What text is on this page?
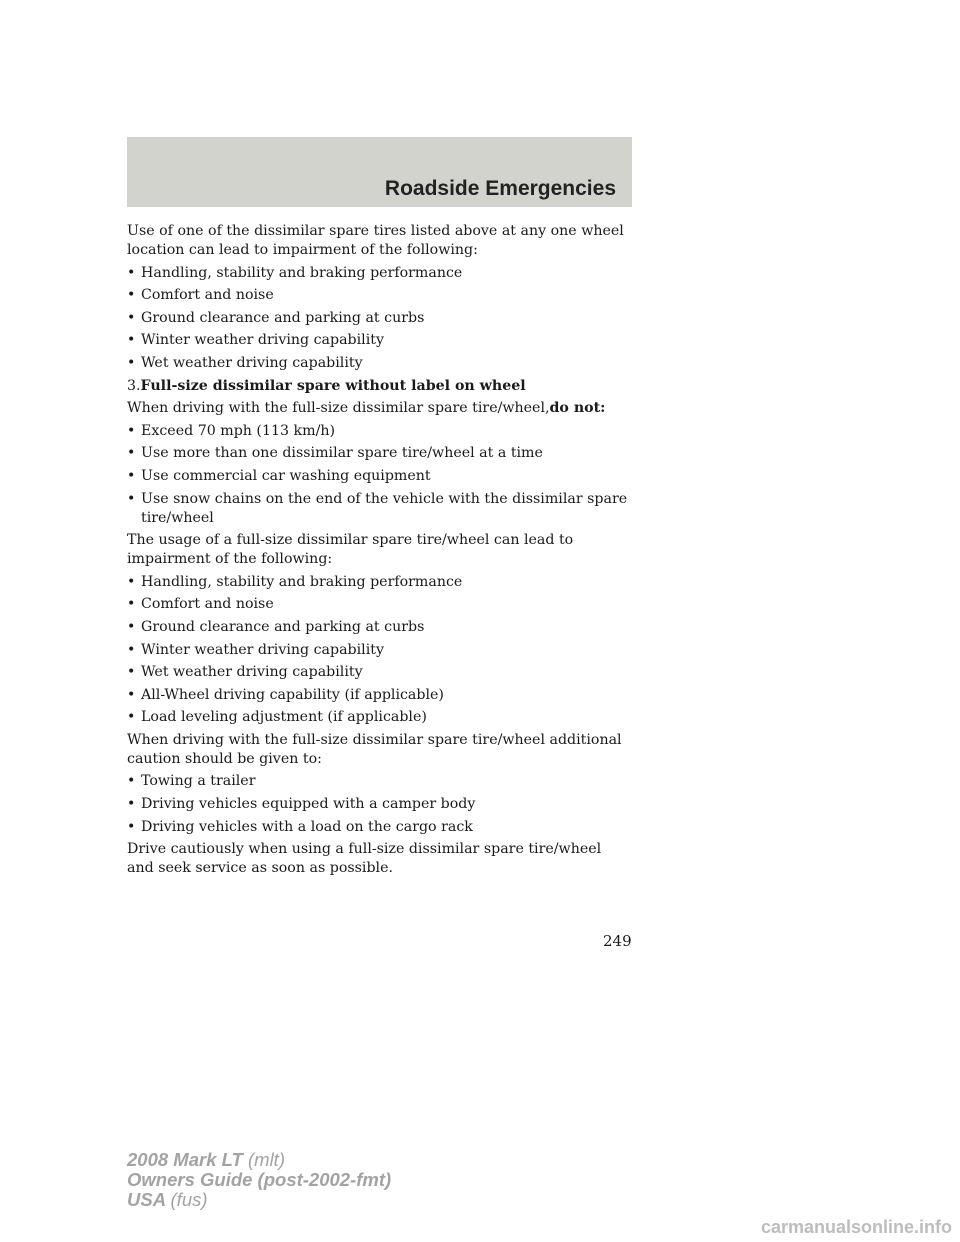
Roadside Emergencies

Use of one of the dissimilar spare tires listed above at any one wheel location can lead to impairment of the following:

• Handling, stability and braking performance
• Comfort and noise
• Ground clearance and parking at curbs
• Winter weather driving capability
• Wet weather driving capability

3.Full-size dissimilar spare without label on wheel

When driving with the full-size dissimilar spare tire/wheel,do not:

• Exceed 70 mph (113 km/h)
• Use more than one dissimilar spare tire/wheel at a time
• Use commercial car washing equipment
• Use snow chains on the end of the vehicle with the dissimilar spare tire/wheel

The usage of a full-size dissimilar spare tire/wheel can lead to impairment of the following:

• Handling, stability and braking performance
• Comfort and noise
• Ground clearance and parking at curbs
• Winter weather driving capability
• Wet weather driving capability
• All-Wheel driving capability (if applicable)
• Load leveling adjustment (if applicable)

When driving with the full-size dissimilar spare tire/wheel additional caution should be given to:

• Towing a trailer
• Driving vehicles equipped with a camper body
• Driving vehicles with a load on the cargo rack

Drive cautiously when using a full-size dissimilar spare tire/wheel and seek service as soon as possible.

249
2008 Mark LT (mlt)
Owners Guide (post-2002-fmt)
USA (fus)
carmanualsonline.info
